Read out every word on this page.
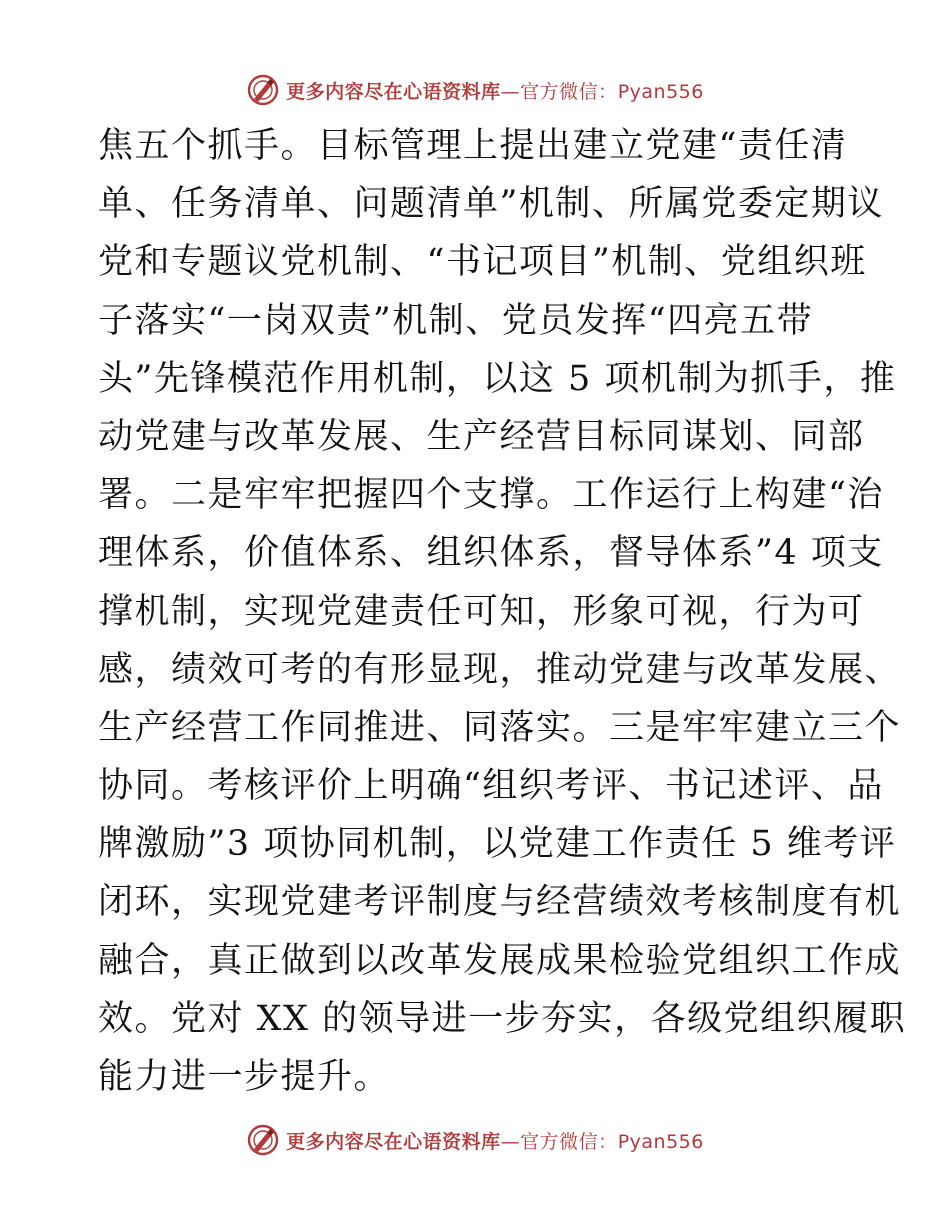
更多内容尽在心语资料库—官方微信：Pyan556
焦五个抓手。目标管理上提出建立党建“责任清
单、任务清单、问题清单”机制、所属党委定期议
党和专题议党机制、“书记项目”机制、党组织班
子落实“一岗双责”机制、党员发挥“四亮五带
头”先锋模范作用机制，以这 5 项机制为抓手，推
动党建与改革发展、生产经营目标同谋划、同部
署。二是牢牢把握四个支撑。工作运行上构建“治
理体系，价值体系、组织体系，督导体系”4 项支
撑机制，实现党建责任可知，形象可视，行为可
感，绩效可考的有形显现，推动党建与改革发展、
生产经营工作同推进、同落实。三是牢牢建立三个
协同。考核评价上明确“组织考评、书记述评、品
牌激励”3 项协同机制，以党建工作责任 5 维考评
闭环，实现党建考评制度与经营绩效考核制度有机
融合，真正做到以改革发展成果检验党组织工作成
效。党对 XX 的领导进一步夯实，各级党组织履职
能力进一步提升。
更多内容尽在心语资料库—官方微信：Pyan556
